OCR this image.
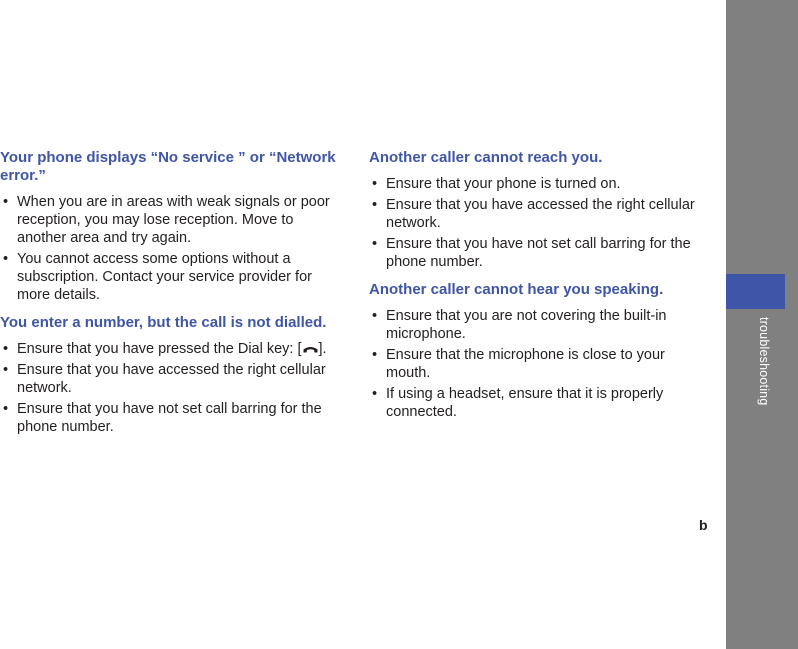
troubleshooting
Your phone displays “No service ” or “Network error.”
• When you are in areas with weak signals or poor reception, you may lose reception. Move to another area and try again.
• You cannot access some options without a subscription. Contact your service provider for more details.
You enter a number, but the call is not dialled.
• Ensure that you have pressed the Dial key: [ ].
• Ensure that you have accessed the right cellular network.
• Ensure that you have not set call barring for the phone number.
Another caller cannot reach you.
• Ensure that your phone is turned on.
• Ensure that you have accessed the right cellular network.
• Ensure that you have not set call barring for the phone number.
Another caller cannot hear you speaking.
• Ensure that you are not covering the built-in microphone.
• Ensure that the microphone is close to your mouth.
• If using a headset, ensure that it is properly connected.
b
